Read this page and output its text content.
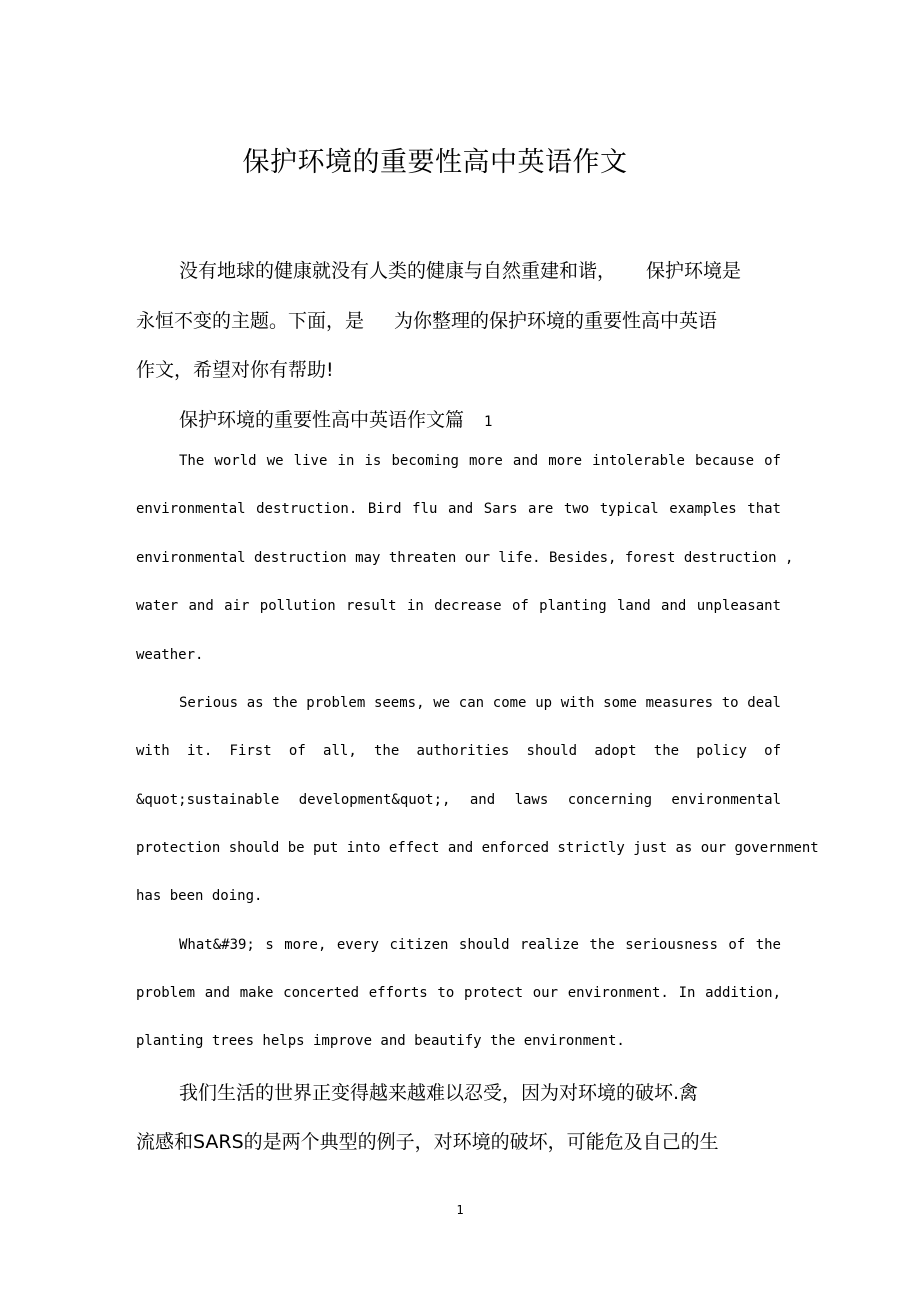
保护环境的重要性高中英语作文
没有地球的健康就没有人类的健康与自然重建和谐， 保护环境是
永恒不变的主题。下面，是 为你整理的保护环境的重要性高中英语
作文，希望对你有帮助!
保护环境的重要性高中英语作文篇 1
The world we live in is becoming more and more intolerable because of
environmental destruction. Bird flu and Sars are two typical examples that
environmental destruction may threaten our life. Besides, forest destruction ,
water and air pollution result in decrease of planting land and unpleasant
weather.
Serious as the problem seems, we can come up with some measures to deal
with it. First of all, the authorities should adopt the policy of
&quot;sustainable development&quot;, and laws concerning environmental
protection should be put into effect and enforced strictly just as our government
has been doing.
What&#39; s more, every citizen should realize the seriousness of the
problem and make concerted efforts to protect our environment. In addition,
planting trees helps improve and beautify the environment.
我们生活的世界正变得越来越难以忍受，因为对环境的破坏.禽
流感和SARS的是两个典型的例子，对环境的破坏，可能危及自己的生
1
